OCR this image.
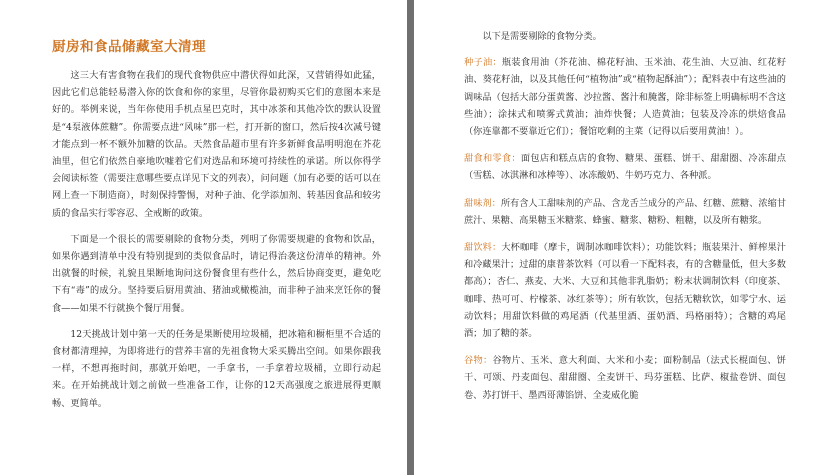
厨房和食品储藏室大清理

这三大有害食物在我们的现代食物供应中潜伏得如此深，又营销得如此猛，因此它们总能轻易潜入你的饮食和你的家里，尽管你最初购买它们的意图本来是好的。举例来说，当年你使用手机点星巴克时，其中冰茶和其他冷饮的默认设置是“4泵液体蔗糖”。你需要点进“风味”那一栏，打开新的窗口，然后按4次减号键才能点到一杯不额外加糖的饮品。天然食品超市里有许多新鲜食品明明泡在芥花油里，但它们依然自豪地吹嘘着它们对选品和环境可持续性的承诺。所以你得学会阅读标签（需要注意哪些要点详见下文的列表），问问题（加有必要的话可以在网上查一下制造商），时刻保持警惕，对种子油、化学添加剂、转基因食品和较劣质的食品实行零容忍、全戒断的政策。

下面是一个很长的需要剔除的食物分类，列明了你需要规避的食物和饮品，如果你遇到清单中没有特别提到的类似食品时，请记得治袭这份清单的精神。外出就餐的时候，礼貌且果断地询问这份餐食里有些什么，然后协商变更，避免吃下有“毒”的成分。坚持要后厨用黄油、猪油或橄榄油，而非种子油来烹饪你的餐食——如果不行就换个餐厅用餐。

12天挑战计划中第一天的任务是果断使用垃圾桶，把冰箱和橱柜里不合适的食材都清理掉，为即将进行的营养丰富的先祖食物大采买腾出空间。如果你跟我一样，不想再拖时间，那就开始吧，一手拿书，一手拿着垃圾桶，立即行动起来。在开始挑战计划之前做一些准备工作，让你的12天高强度之旅进展得更顺畅、更简单。

以下是需要剔除的食物分类。

种子油：瓶装食用油（芥花油、棉花籽油、玉米油、花生油、大豆油、红花籽油、葵花籽油，以及其他任何“植物油”或“植物起酥油”）；配料表中有这些油的调味品（包括大部分蛋黄酱、沙拉酱、酱汁和腌酱，除非标签上明确标明不含这些油）；涂抹式和喷雾式黄油；油炸快餐；人造黄油；包装及冷冻的烘焙食品（你连靠都不要靠近它们）；餐馆吃剩的主菜（记得以后要用黄油！）。

甜食和零食：面包店和糕点店的食物、糖果、蛋糕、饼干、甜甜圈、冷冻甜点（雪糕、冰淇淋和冰棒等）、冰冻酸奶、牛奶巧克力、各种派。

甜味剂：所有含人工甜味剂的产品、含龙舌兰成分的产品、红糖、蔗糖、浓缩甘蔗汁、果糖、高果糖玉米糖浆、蜂蜜、糖浆、糖粉、粗糖，以及所有糖浆。

甜饮料：大杯咖啡（摩卡，调制冰咖啡饮料）；功能饮料；瓶装果汁、鲜榨果汁和冷藏果汁；过甜的康普茶饮料（可以看一下配料表，有的含糖量低，但大多数都高）；杏仁、燕麦、大米、大豆和其他非乳脂奶；粉末状调制饮料（印度茶、咖啡、热可可、柠檬茶、冰红茶等）；所有软饮，包括无糖软饮，如零宁水、运动饮料；用甜饮料做的鸡尾酒（代基里酒、蛋奶酒、玛格丽特）；含糖的鸡尾酒；加了糖的茶。

谷物：谷物片、玉米、意大利面、大米和小麦；面粉制品（法式长棍面包、饼干、可颂、丹麦面包、甜甜圈、全麦饼干、玛芬蛋糕、比萨、椒盐卷饼、面包卷、苏打饼干、墨西哥薄馅饼、全麦威化脆
